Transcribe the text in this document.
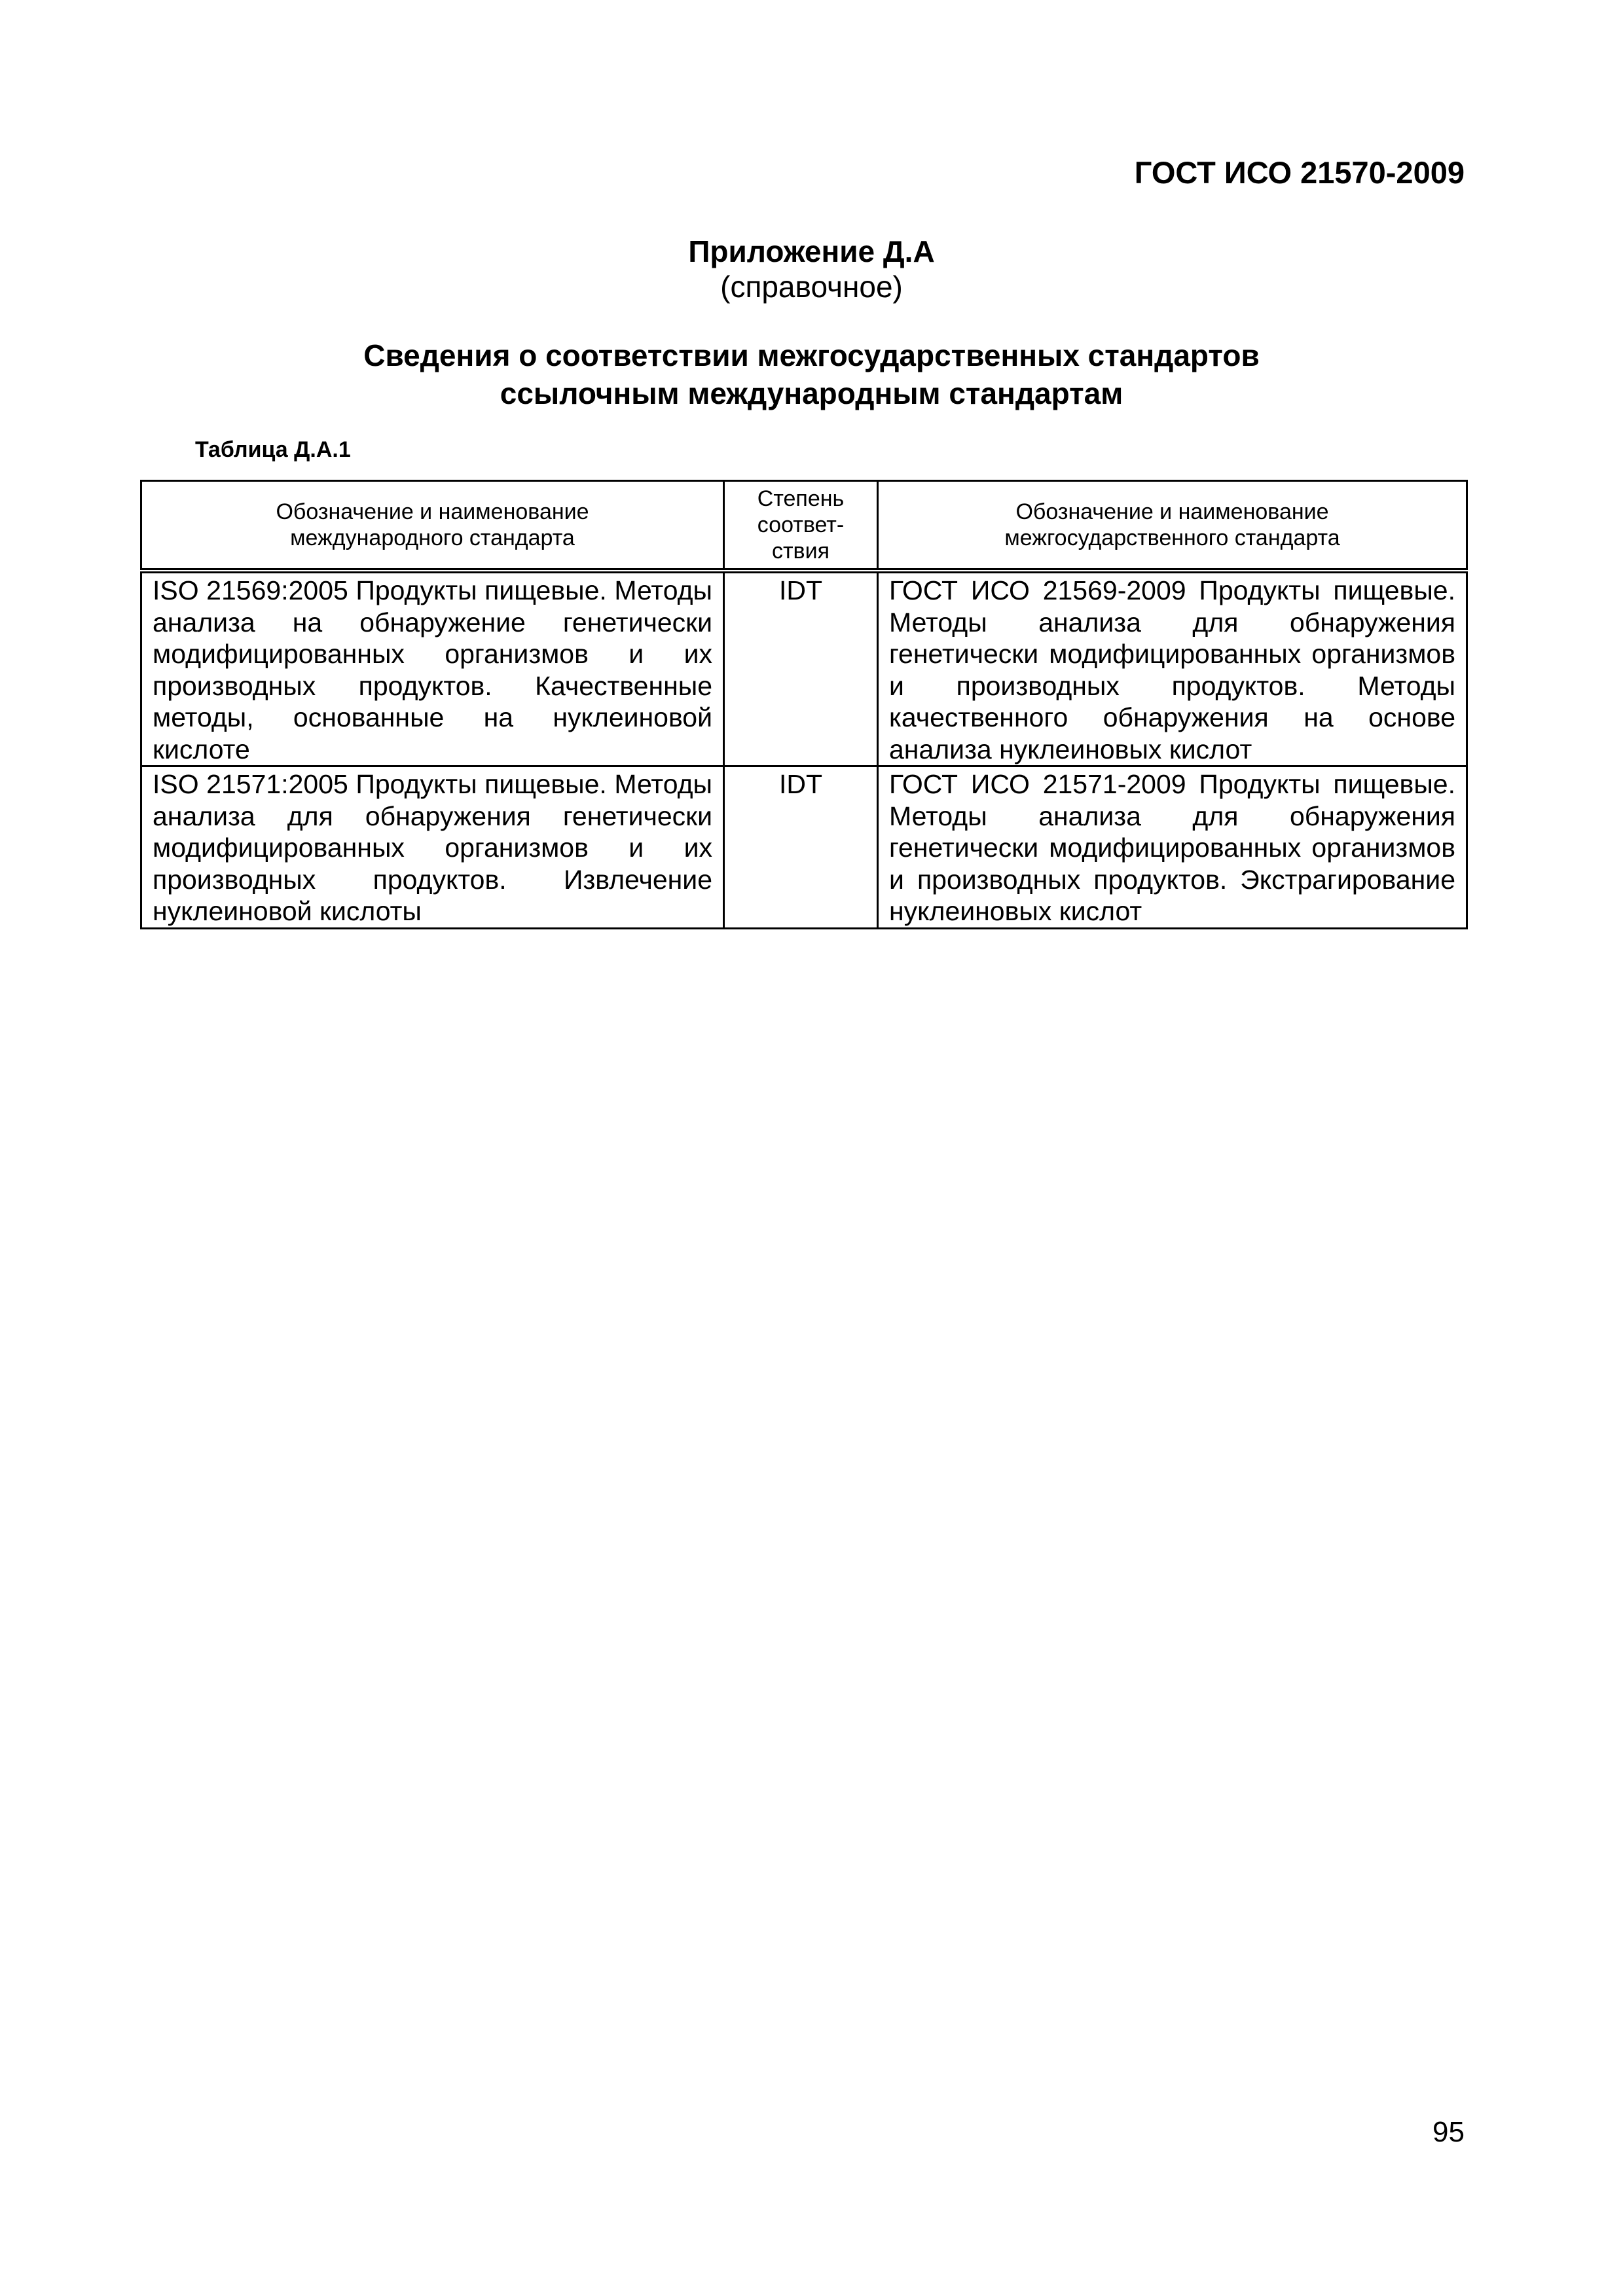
ГОСТ ИСО 21570-2009
Приложение Д.А
(справочное)
Сведения о соответствии межгосударственных стандартов
ссылочным международным стандартам
Таблица Д.А.1
Обозначение и наименование международного стандарта	Степень соответ- ствия	Обозначение и наименование межгосударственного стандарта
ISO 21569:2005 Продукты пищевые. Методы анализа на обнаружение генетически модифицированных организмов и их производных продуктов. Качественные методы, основанные на нуклеиновой кислоте	IDT	ГОСТ ИСО 21569-2009 Продукты пищевые. Методы анализа для обнаружения генетически модифицированных организмов и производных продуктов. Методы качественного обнаружения на основе анализа нуклеиновых кислот
ISO 21571:2005 Продукты пищевые. Методы анализа для обнаружения генетически модифицированных организмов и их производных продуктов. Извлечение нуклеиновой кислоты	IDT	ГОСТ ИСО 21571-2009 Продукты пищевые. Методы анализа для обнаружения генетически модифицированных организмов и производных продуктов. Экстрагирование нуклеиновых кислот
95
